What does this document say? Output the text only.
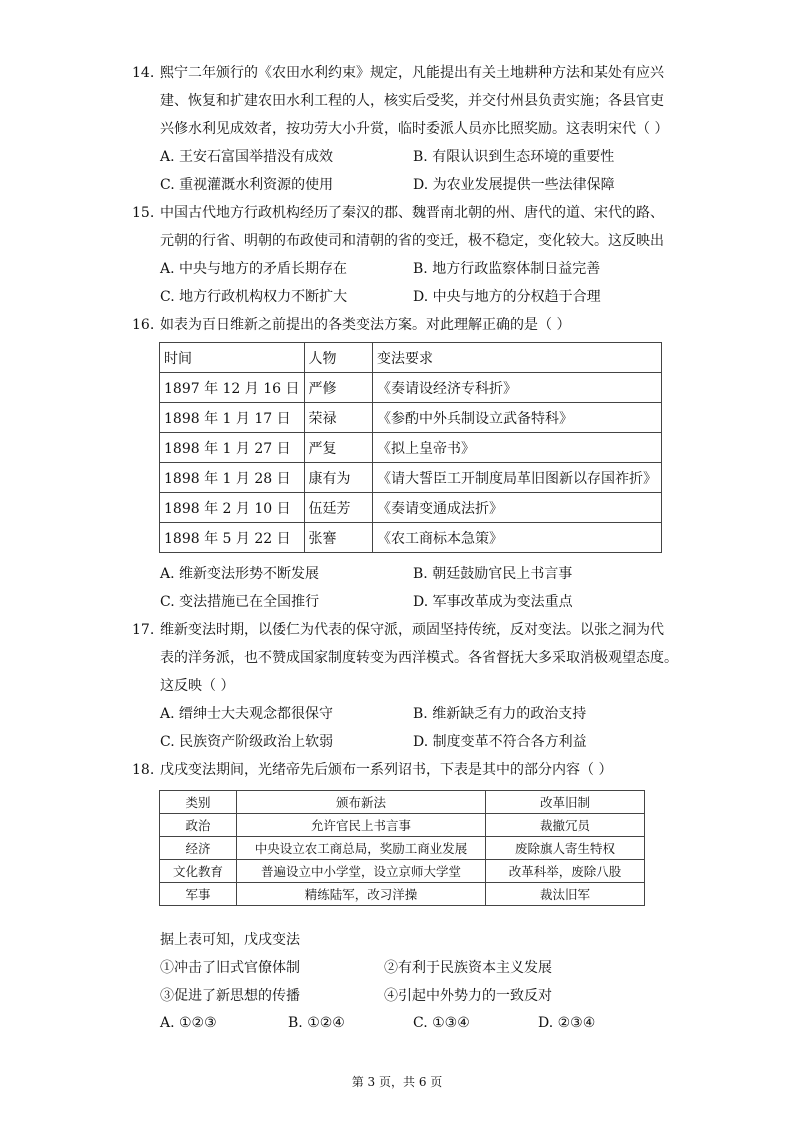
14. 熙宁二年颁行的《农田水利约束》规定，凡能提出有关土地耕种方法和某处有应兴
建、恢复和扩建农田水利工程的人，核实后受奖，并交付州县负责实施；各县官吏
兴修水利见成效者，按功劳大小升赏，临时委派人员亦比照奖励。这表明宋代（ ）
A. 王安石富国举措没有成效	B. 有限认识到生态环境的重要性
C. 重视灌溉水利资源的使用	D. 为农业发展提供一些法律保障
15. 中国古代地方行政机构经历了秦汉的郡、魏晋南北朝的州、唐代的道、宋代的路、
元朝的行省、明朝的布政使司和清朝的省的变迁，极不稳定，变化较大。这反映出
A. 中央与地方的矛盾长期存在	B. 地方行政监察体制日益完善
C. 地方行政机构权力不断扩大	D. 中央与地方的分权趋于合理
16. 如表为百日维新之前提出的各类变法方案。对此理解正确的是（ ）
时间	人物	变法要求
1897 年 12 月 16 日	严修	《奏请设经济专科折》
1898 年 1 月 17 日	荣禄	《参酌中外兵制设立武备特科》
1898 年 1 月 27 日	严复	《拟上皇帝书》
1898 年 1 月 28 日	康有为	《请大誓臣工开制度局革旧图新以存国祚折》
1898 年 2 月 10 日	伍廷芳	《奏请变通成法折》
1898 年 5 月 22 日	张謇	《农工商标本急策》
A. 维新变法形势不断发展	B. 朝廷鼓励官民上书言事
C. 变法措施已在全国推行	D. 军事改革成为变法重点
17. 维新变法时期，以倭仁为代表的保守派，顽固坚持传统，反对变法。以张之洞为代
表的洋务派，也不赞成国家制度转变为西洋模式。各省督抚大多采取消极观望态度。
这反映（ ）
A. 缙绅士大夫观念都很保守	B. 维新缺乏有力的政治支持
C. 民族资产阶级政治上软弱	D. 制度变革不符合各方利益
18. 戊戌变法期间，光绪帝先后颁布一系列诏书，下表是其中的部分内容（ ）
类别	颁布新法	改革旧制
政治	允许官民上书言事	裁撤冗员
经济	中央设立农工商总局，奖励工商业发展	废除旗人寄生特权
文化教育	普遍设立中小学堂，设立京师大学堂	改革科举，废除八股
军事	精练陆军，改习洋操	裁汰旧军
据上表可知，戊戌变法
①冲击了旧式官僚体制	②有利于民族资本主义发展
③促进了新思想的传播	④引起中外势力的一致反对
A. ①②③	B. ①②④	C. ①③④	D. ②③④
第 3 页，共 6 页
